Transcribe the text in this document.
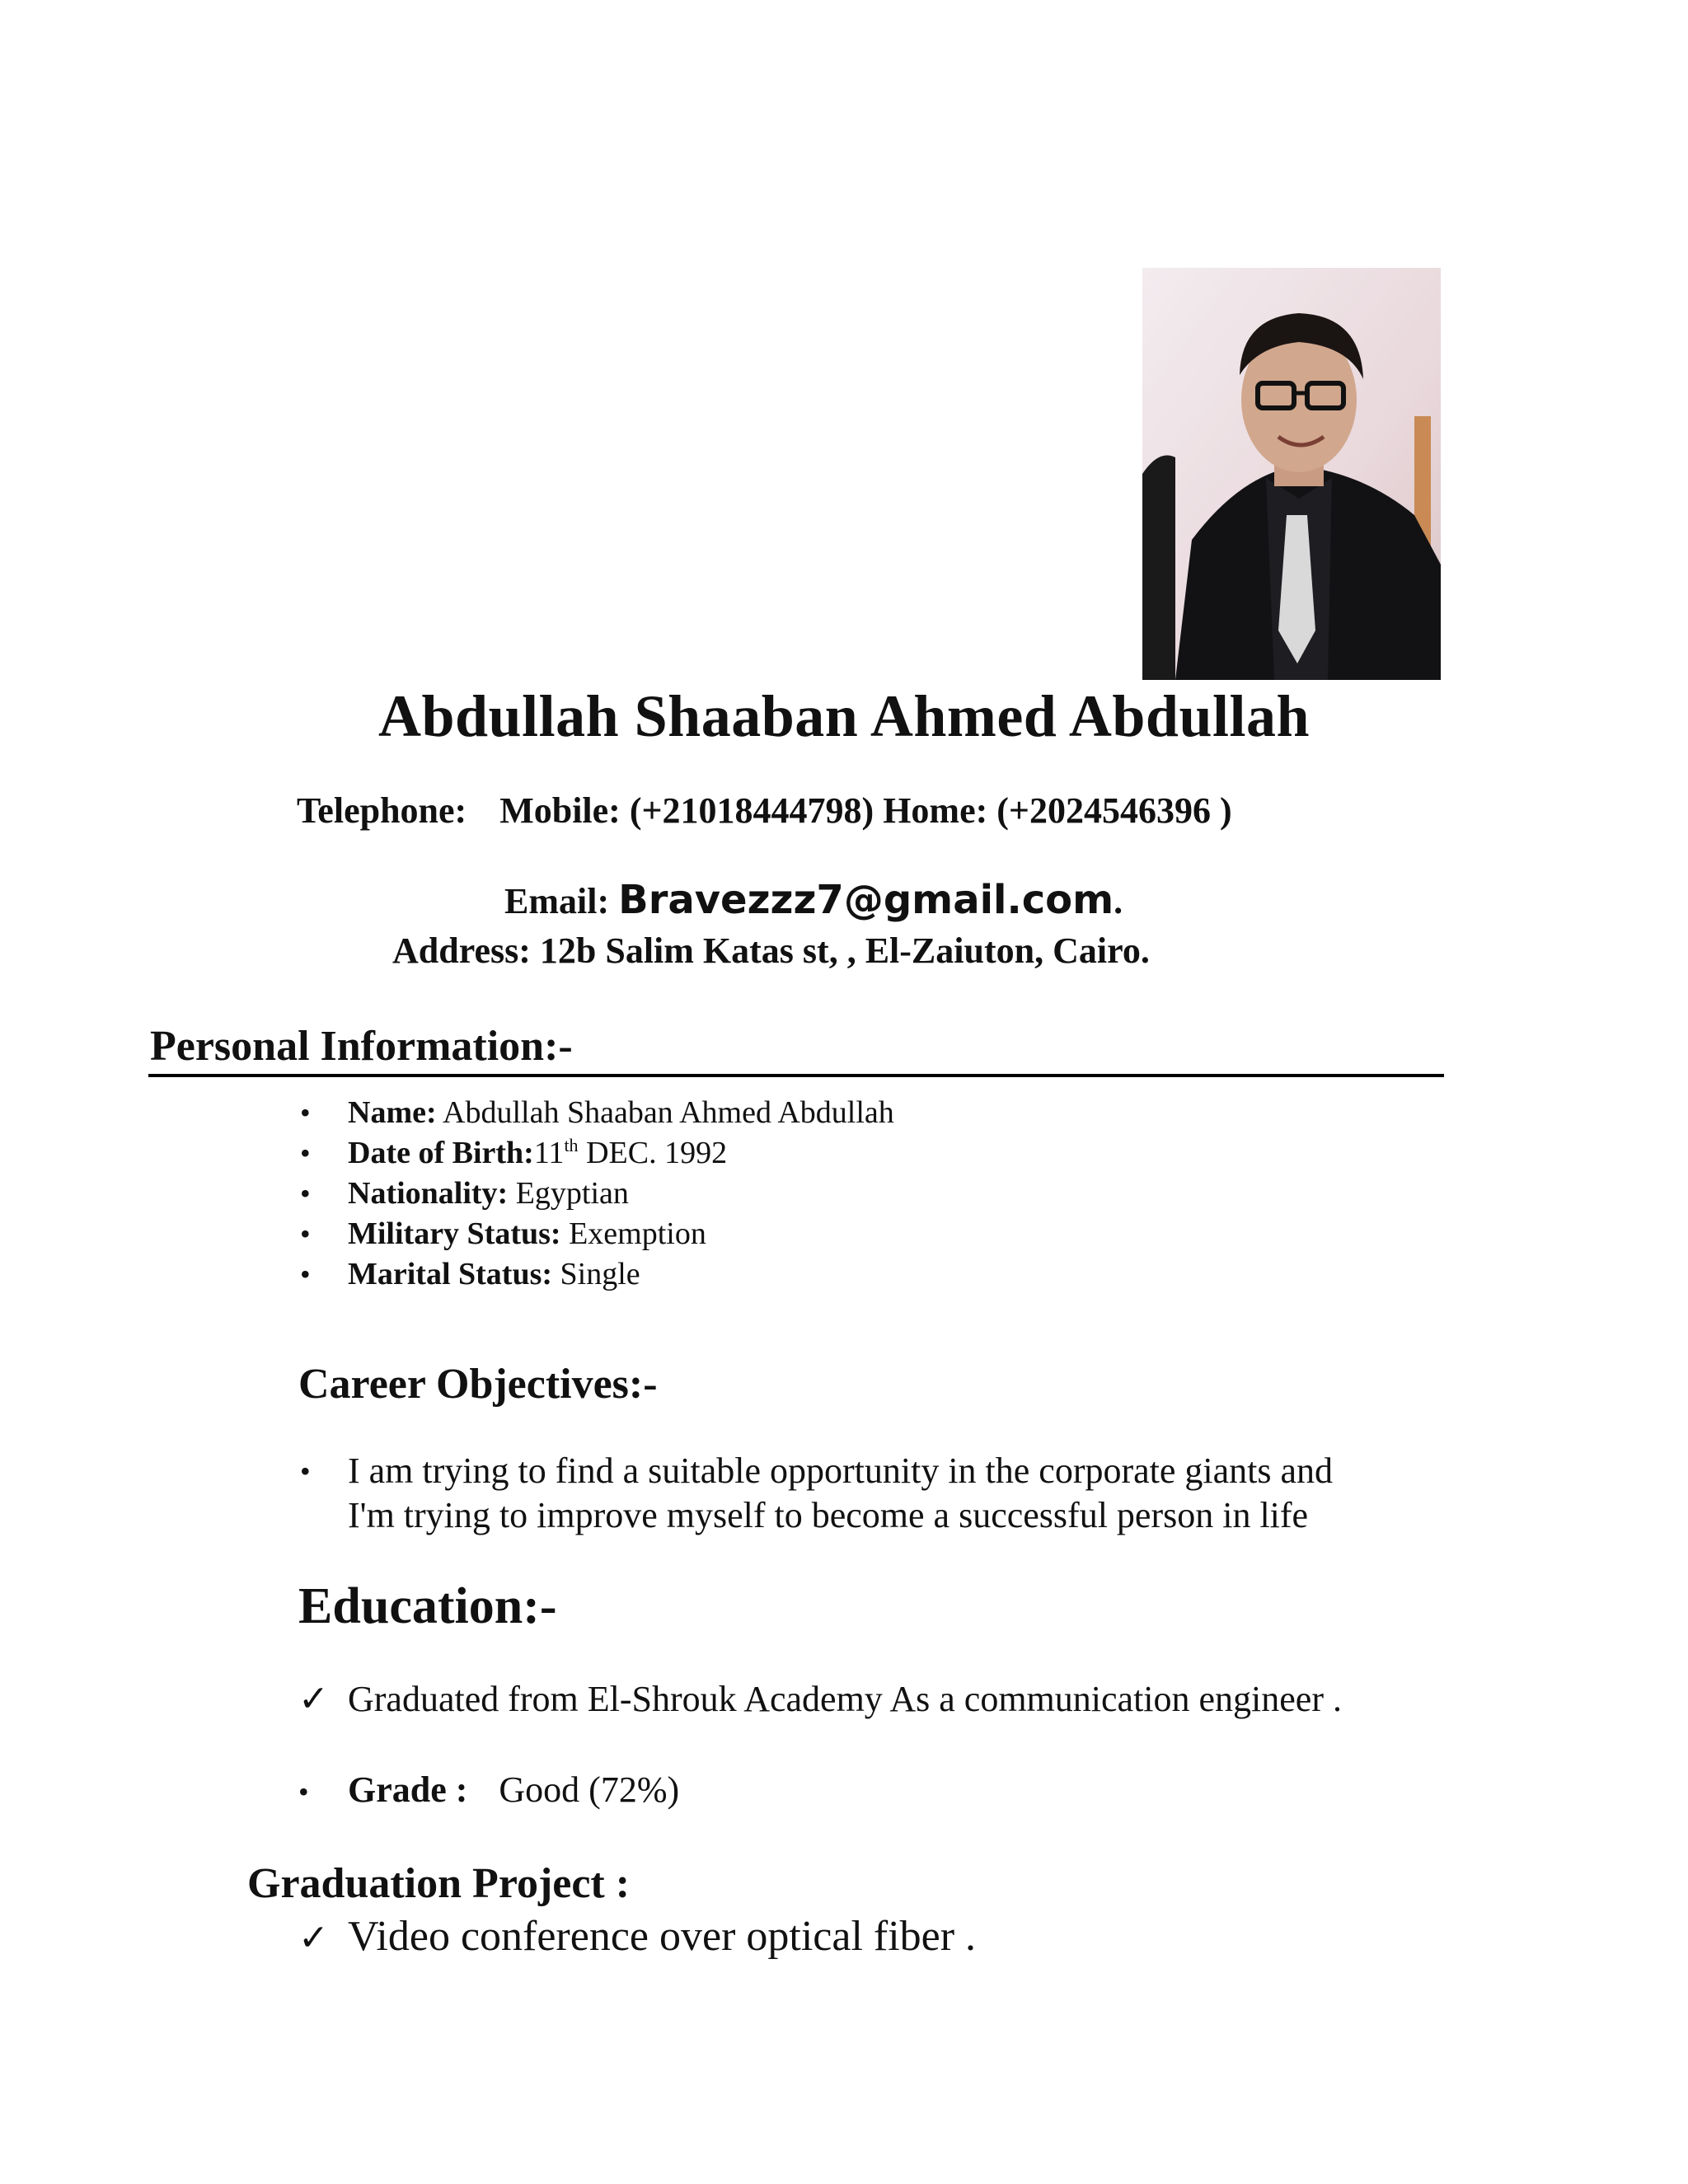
Abdullah Shaaban Ahmed Abdullah
Telephone: Mobile: (+21018444798) Home: (+2024546396 )
Email: Bravezzz7@gmail.com.
Address: 12b Salim Katas st, , El-Zaiuton, Cairo.
Personal Information:-
• Name: Abdullah Shaaban Ahmed Abdullah
• Date of Birth:11th DEC. 1992
• Nationality: Egyptian
• Military Status: Exemption
• Marital Status: Single
Career Objectives:-
• I am trying to find a suitable opportunity in the corporate giants and
I'm trying to improve myself to become a successful person in life
Education:-
✓ Graduated from El-Shrouk Academy As a communication engineer .
• Grade : Good (72%)
Graduation Project :
✓ Video conference over optical fiber .
